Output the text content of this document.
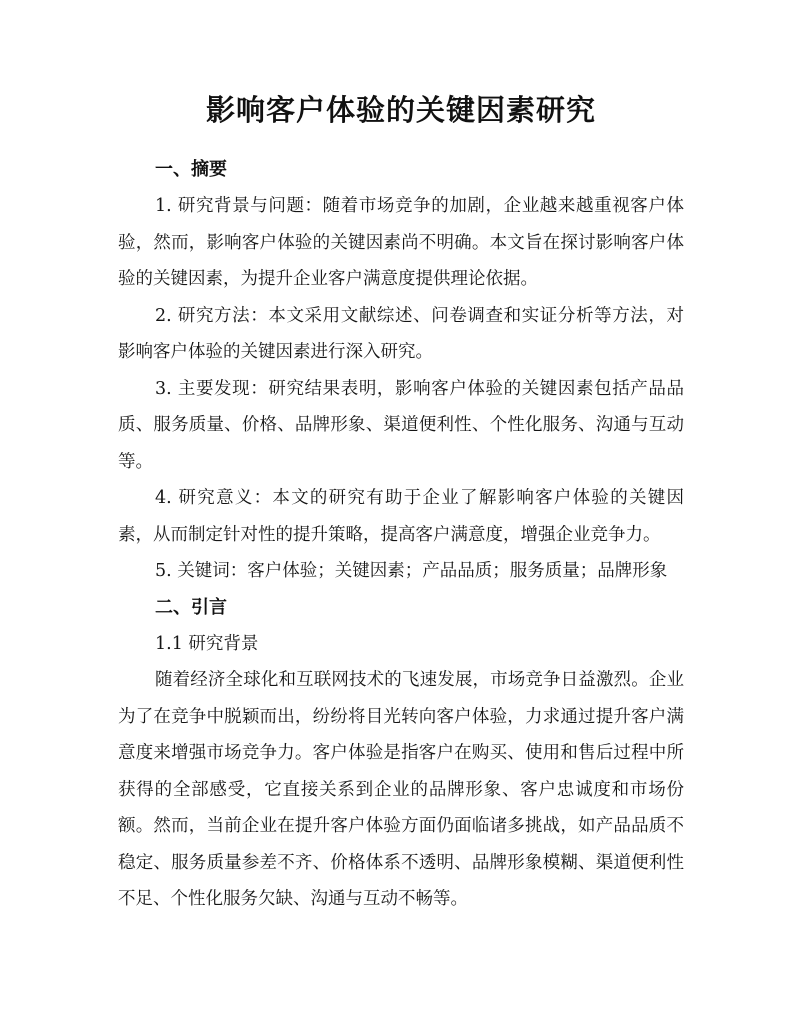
影响客户体验的关键因素研究
一、摘要

1. 研究背景与问题：随着市场竞争的加剧，企业越来越重视客户体验，然而，影响客户体验的关键因素尚不明确。本文旨在探讨影响客户体验的关键因素，为提升企业客户满意度提供理论依据。

2. 研究方法：本文采用文献综述、问卷调查和实证分析等方法，对影响客户体验的关键因素进行深入研究。

3. 主要发现：研究结果表明，影响客户体验的关键因素包括产品品质、服务质量、价格、品牌形象、渠道便利性、个性化服务、沟通与互动等。

4. 研究意义：本文的研究有助于企业了解影响客户体验的关键因素，从而制定针对性的提升策略，提高客户满意度，增强企业竞争力。

5. 关键词：客户体验；关键因素；产品品质；服务质量；品牌形象

二、引言

1.1 研究背景

随着经济全球化和互联网技术的飞速发展，市场竞争日益激烈。企业为了在竞争中脱颖而出，纷纷将目光转向客户体验，力求通过提升客户满意度来增强市场竞争力。客户体验是指客户在购买、使用和售后过程中所获得的全部感受，它直接关系到企业的品牌形象、客户忠诚度和市场份额。然而，当前企业在提升客户体验方面仍面临诸多挑战，如产品品质不稳定、服务质量参差不齐、价格体系不透明、品牌形象模糊、渠道便利性不足、个性化服务欠缺、沟通与互动不畅等。
